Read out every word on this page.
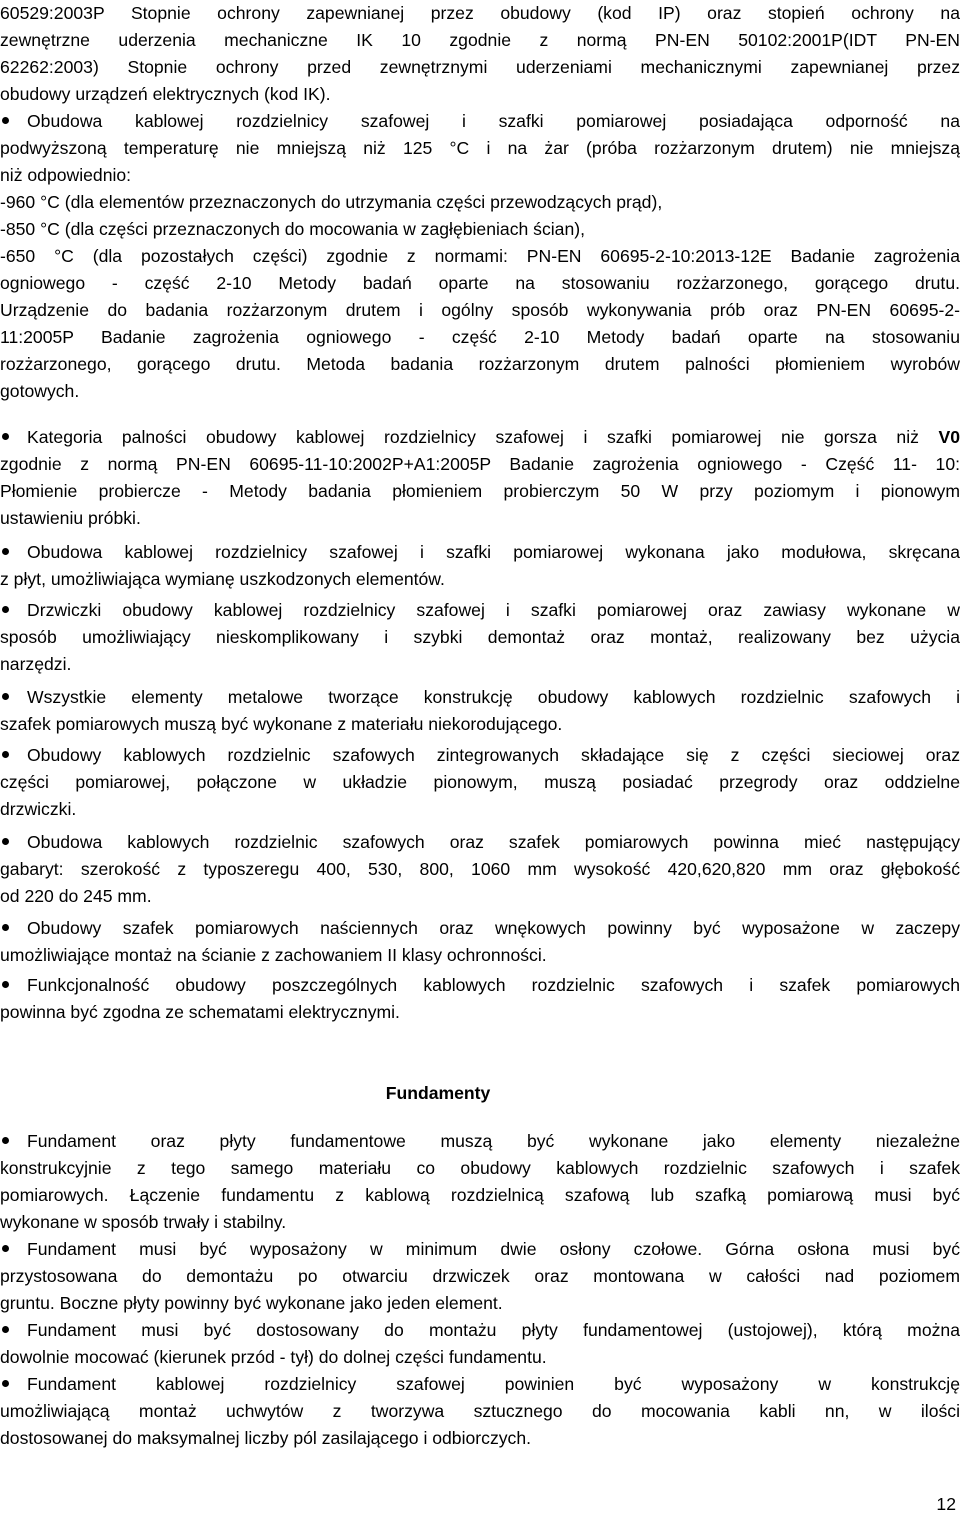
60529:2003P Stopnie ochrony zapewnianej przez obudowy (kod IP) oraz stopień ochrony na
zewnętrzne uderzenia mechaniczne IK 10 zgodnie z normą PN-EN 50102:2001P(IDT PN-EN
62262:2003) Stopnie ochrony przed zewnętrznymi uderzeniami mechanicznymi zapewnianej przez
obudowy urządzeń elektrycznych (kod IK).
Obudowa kablowej rozdzielnicy szafowej i szafki pomiarowej posiadająca odporność na
podwyższoną temperaturę nie mniejszą niż 125 °C i na żar (próba rozżarzonym drutem) nie mniejszą
niż odpowiednio:
-960 °C (dla elementów przeznaczonych do utrzymania części przewodzących prąd),
-850 °C (dla części przeznaczonych do mocowania w zagłębieniach ścian),
-650 °C (dla pozostałych części) zgodnie z normami: PN-EN 60695-2-10:2013-12E Badanie zagrożenia
ogniowego - część 2-10 Metody badań oparte na stosowaniu rozżarzonego, gorącego drutu.
Urządzenie do badania rozżarzonym drutem i ogólny sposób wykonywania prób oraz PN-EN 60695-2-
11:2005P Badanie zagrożenia ogniowego - część 2-10 Metody badań oparte na stosowaniu
rozżarzonego, gorącego drutu. Metoda badania rozżarzonym drutem palności płomieniem wyrobów
gotowych.
Kategoria palności obudowy kablowej rozdzielnicy szafowej i szafki pomiarowej nie gorsza niż V0
zgodnie z normą PN-EN 60695-11-10:2002P+A1:2005P Badanie zagrożenia ogniowego - Część 11- 10:
Płomienie probiercze - Metody badania płomieniem probierczym 50 W przy poziomym i pionowym
ustawieniu próbki.
Obudowa kablowej rozdzielnicy szafowej i szafki pomiarowej wykonana jako modułowa, skręcana
z płyt, umożliwiająca wymianę uszkodzonych elementów.
Drzwiczki obudowy kablowej rozdzielnicy szafowej i szafki pomiarowej oraz zawiasy wykonane w
sposób umożliwiający nieskomplikowany i szybki demontaż oraz montaż, realizowany bez użycia
narzędzi.
Wszystkie elementy metalowe tworzące konstrukcję obudowy kablowych rozdzielnic szafowych i
szafek pomiarowych muszą być wykonane z materiału niekorodującego.
Obudowy kablowych rozdzielnic szafowych zintegrowanych składające się z części sieciowej oraz
części pomiarowej, połączone w układzie pionowym, muszą posiadać przegrody oraz oddzielne
drzwiczki.
Obudowa kablowych rozdzielnic szafowych oraz szafek pomiarowych powinna mieć następujący
gabaryt: szerokość z typoszeregu 400, 530, 800, 1060 mm wysokość 420,620,820 mm oraz głębokość
od 220 do 245 mm.
Obudowy szafek pomiarowych naściennych oraz wnękowych powinny być wyposażone w zaczepy
umożliwiające montaż na ścianie z zachowaniem II klasy ochronności.
Funkcjonalność obudowy poszczególnych kablowych rozdzielnic szafowych i szafek pomiarowych
powinna być zgodna ze schematami elektrycznymi.
Fundamenty
Fundament oraz płyty fundamentowe muszą być wykonane jako elementy niezależne
konstrukcyjnie z tego samego materiału co obudowy kablowych rozdzielnic szafowych i szafek
pomiarowych. Łączenie fundamentu z kablową rozdzielnicą szafową lub szafką pomiarową musi być
wykonane w sposób trwały i stabilny.
Fundament musi być wyposażony w minimum dwie osłony czołowe. Górna osłona musi być
przystosowana do demontażu po otwarciu drzwiczek oraz montowana w całości nad poziomem
gruntu. Boczne płyty powinny być wykonane jako jeden element.
Fundament musi być dostosowany do montażu płyty fundamentowej (ustojowej), którą można
dowolnie mocować (kierunek przód - tył) do dolnej części fundamentu.
Fundament kablowej rozdzielnicy szafowej powinien być wyposażony w konstrukcję
umożliwiającą montaż uchwytów z tworzywa sztucznego do mocowania kabli nn, w ilości
dostosowanej do maksymalnej liczby pól zasilającego i odbiorczych.
12
